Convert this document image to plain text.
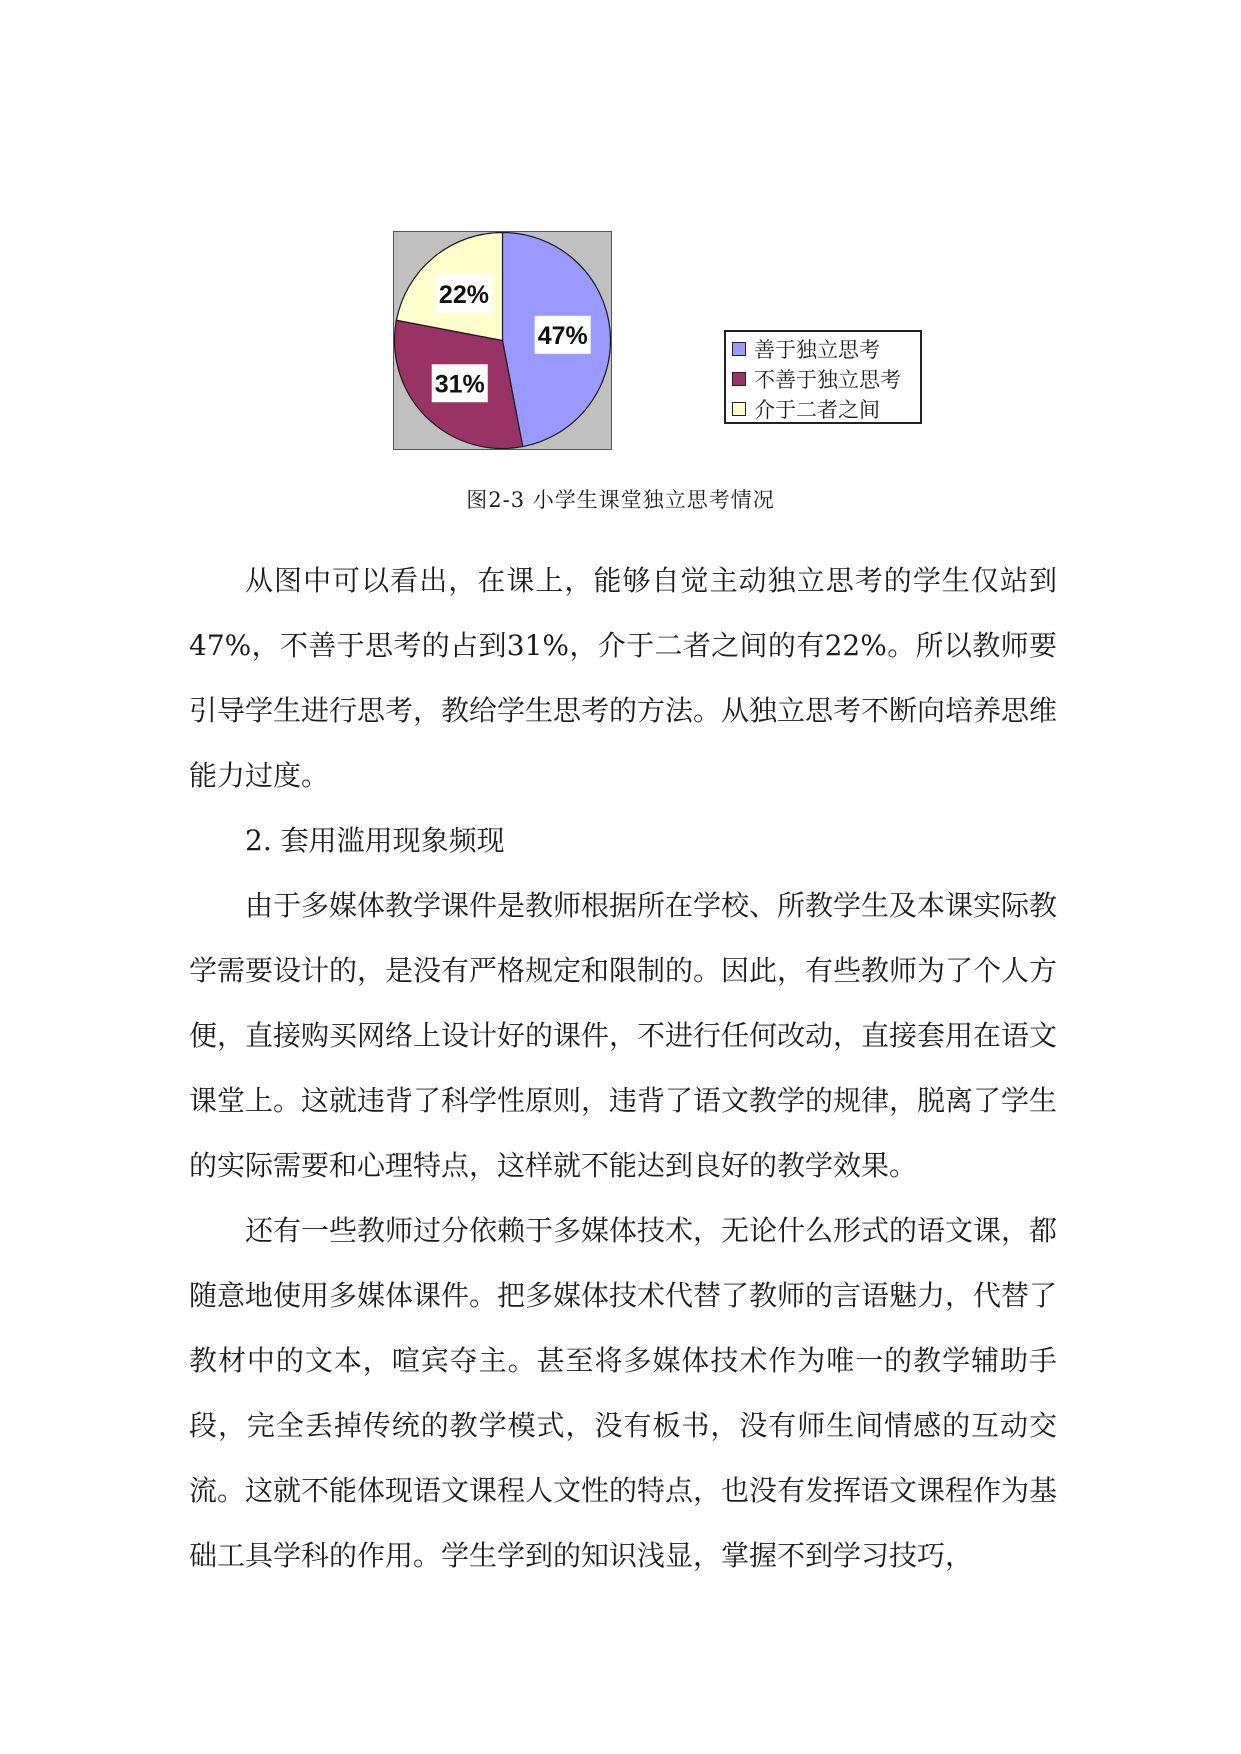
47%
31%
22%
善于独立思考
不善于独立思考
介于二者之间
图2-3 小学生课堂独立思考情况

从图中可以看出，在课上，能够自觉主动独立思考的学生仅站到47%，不善于思考的占到31%，介于二者之间的有22%。所以教师要引导学生进行思考，教给学生思考的方法。从独立思考不断向培养思维能力过度。

2. 套用滥用现象频现

由于多媒体教学课件是教师根据所在学校、所教学生及本课实际教学需要设计的，是没有严格规定和限制的。因此，有些教师为了个人方便，直接购买网络上设计好的课件，不进行任何改动，直接套用在语文课堂上。这就违背了科学性原则，违背了语文教学的规律，脱离了学生的实际需要和心理特点，这样就不能达到良好的教学效果。

还有一些教师过分依赖于多媒体技术，无论什么形式的语文课，都随意地使用多媒体课件。把多媒体技术代替了教师的言语魅力，代替了教材中的文本，喧宾夺主。甚至将多媒体技术作为唯一的教学辅助手段，完全丢掉传统的教学模式，没有板书，没有师生间情感的互动交流。这就不能体现语文课程人文性的特点，也没有发挥语文课程作为基础工具学科的作用。学生学到的知识浅显，掌握不到学习技巧，
